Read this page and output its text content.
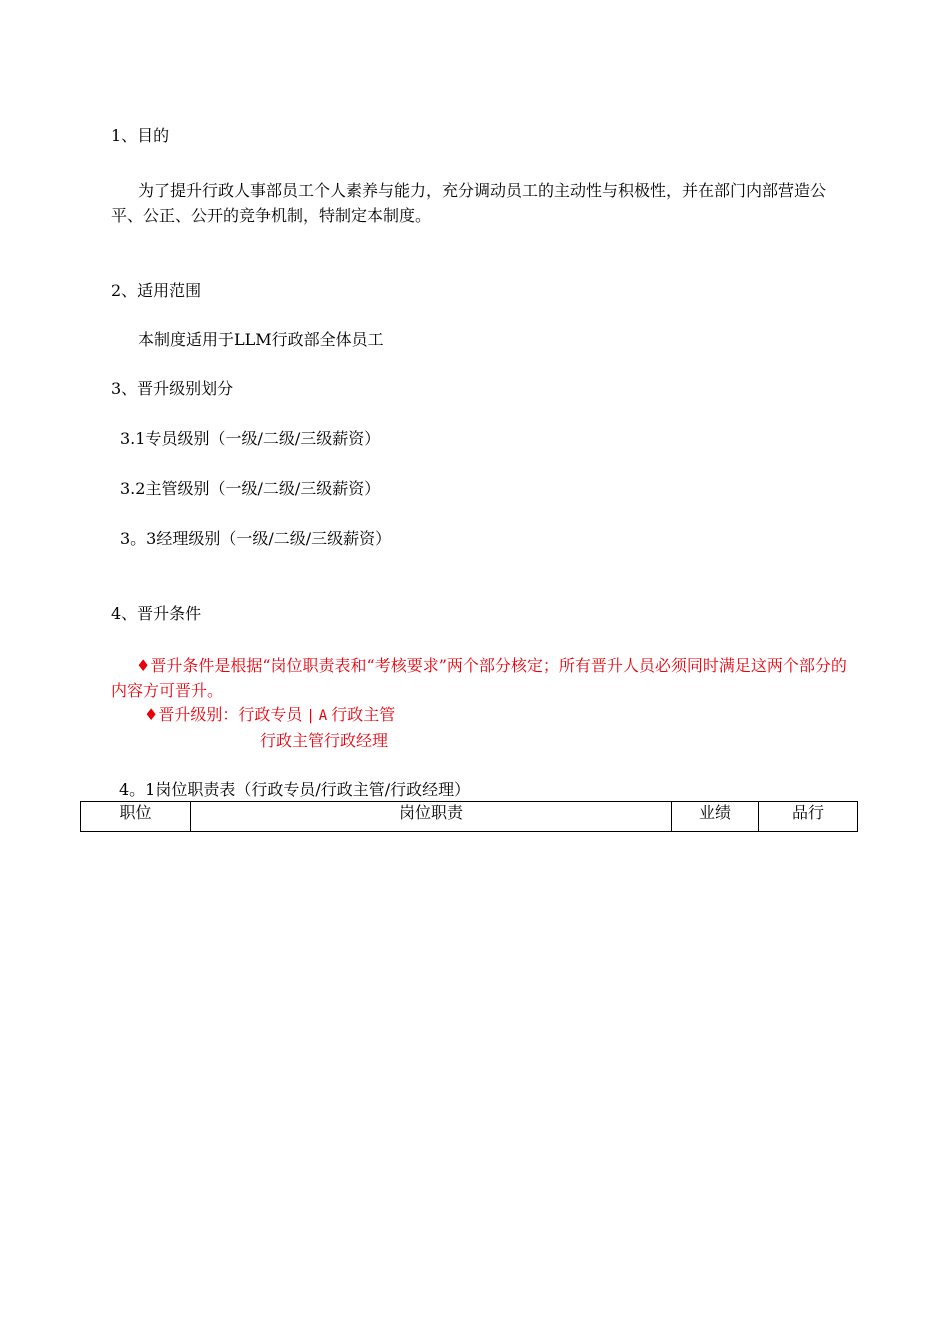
1、目的
为了提升行政人事部员工个人素养与能力，充分调动员工的主动性与积极性，并在部门内部营造公平、公正、公开的竞争机制，特制定本制度。
2、适用范围
本制度适用于LLM行政部全体员工
3、晋升级别划分
3.1专员级别（一级/二级/三级薪资）
3.2主管级别（一级/二级/三级薪资）
3。3经理级别（一级/二级/三级薪资）
4、晋升条件
♦晋升条件是根据“岗位职责表和“考核要求”两个部分核定；所有晋升人员必须同时满足这两个部分的内容方可晋升。
♦晋升级别：行政专员 | A 行政主管
行政主管行政经理
4。1岗位职责表（行政专员/行政主管/行政经理）
职位	岗位职责	业绩	品行
